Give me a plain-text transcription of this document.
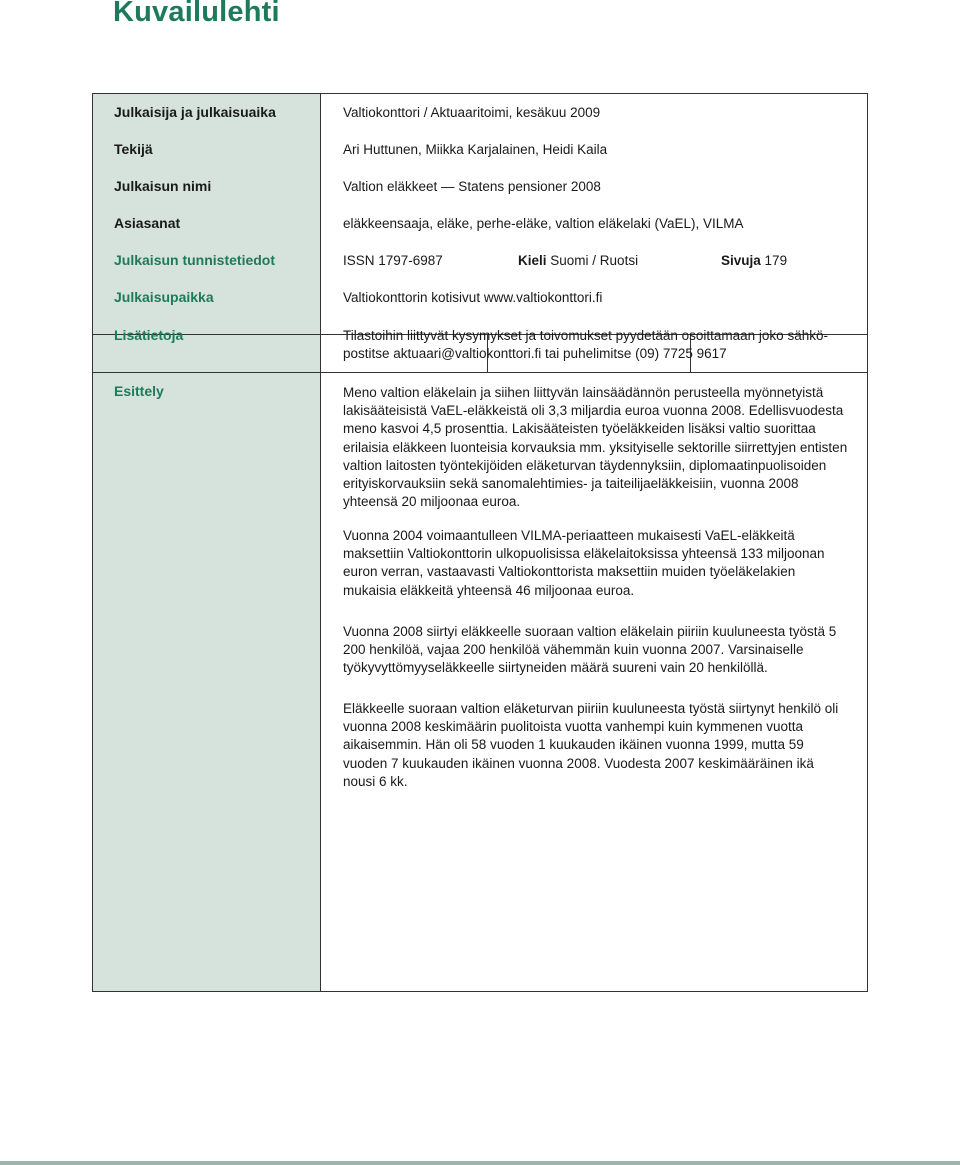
Kuvailulehti
Julkaisija ja julkaisuaika	Valtiokonttori / Aktuaaritoimi, kesäkuu 2009
Tekijä	Ari Huttunen, Miikka Karjalainen, Heidi Kaila
Julkaisun nimi	Valtion eläkkeet — Statens pensioner 2008
Asiasanat	eläkkeensaaja, eläke, perhe-eläke, valtion eläkelaki (VaEL), VILMA
Julkaisun tunnistetiedot	ISSN 1797-6987	Kieli Suomi / Ruotsi	Sivuja 179
Julkaisupaikka	Valtiokonttorin kotisivut www.valtiokonttori.fi
Lisätietoja	Tilastoihin liittyvät kysymykset ja toivomukset pyydetään osoittamaan joko sähkö-
postitse aktuaari@valtiokonttori.fi tai puhelimitse (09) 7725 9617
Esittely	Meno valtion eläkelain ja siihen liittyvän lainsäädännön perusteella myönnetyistä lakisääteisistä VaEL-eläkkeistä oli 3,3 miljardia euroa vuonna 2008. Edellisvuodesta meno kasvoi 4,5 prosenttia. Lakisääteisten työeläkkeiden lisäksi valtio suorittaa erilaisia eläkkeen luonteisia korvauksia mm. yksityiselle sektorille siirrettyjen entisten valtion laitosten työntekijöiden eläketurvan täydennyksiin, diplomaatinpuolisoiden erityiskorvauksiin sekä sanomalehtimies- ja taiteilijaeläkkeisiin, vuonna 2008 yhteensä 20 miljoonaa euroa.

Vuonna 2004 voimaantulleen VILMA-periaatteen mukaisesti VaEL-eläkkeitä maksettiin Valtiokonttorin ulkopuolisissa eläkelaitoksissa yhteensä 133 miljoonan euron verran, vastaavasti Valtiokonttorista maksettiin muiden työeläkelakien mukaisia eläkkeitä yhteensä 46 miljoonaa euroa.

Vuonna 2008 siirtyi eläkkeelle suoraan valtion eläkelain piiriin kuuluneesta työstä 5 200 henkilöä, vajaa 200 henkilöä vähemmän kuin vuonna 2007. Varsinaiselle työkyvyttömyyseläkkeelle siirtyneiden määrä suureni vain 20 henkilöllä.

Eläkkeelle suoraan valtion eläketurvan piiriin kuuluneesta työstä siirtynyt henkilö oli vuonna 2008 keskimäärin puolitoista vuotta vanhempi kuin kymmenen vuotta aikaisemmin. Hän oli 58 vuoden 1 kuukauden ikäinen vuonna 1999, mutta 59 vuoden 7 kuukauden ikäinen vuonna 2008. Vuodesta 2007 keskimääräinen ikä nousi 6 kk.
